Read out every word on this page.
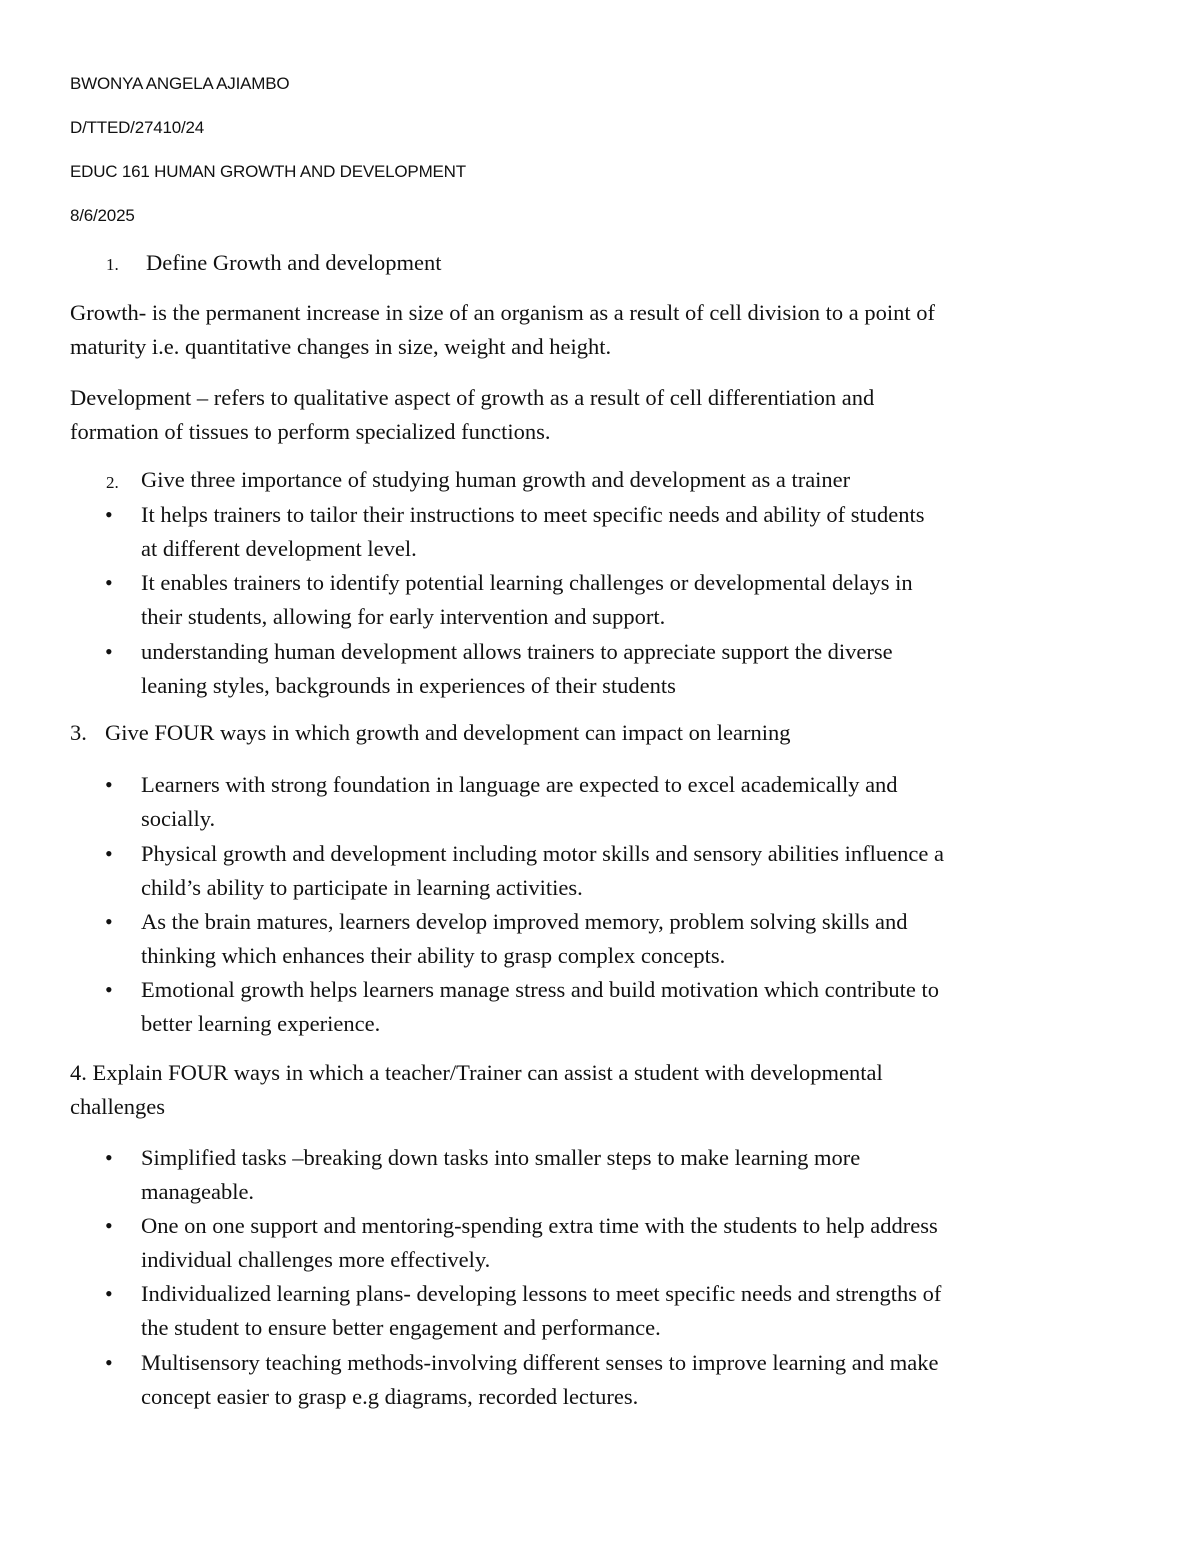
BWONYA ANGELA AJIAMBO
D/TTED/27410/24
EDUC 161 HUMAN GROWTH AND DEVELOPMENT
8/6/2025
1. Define Growth and development

Growth- is the permanent increase in size of an organism as a result of cell division to a point of
maturity i.e. quantitative changes in size, weight and height.

Development – refers to qualitative aspect of growth as a result of cell differentiation and
formation of tissues to perform specialized functions.

2. Give three importance of studying human growth and development as a trainer
• It helps trainers to tailor their instructions to meet specific needs and ability of students
at different development level.

• It enables trainers to identify potential learning challenges or developmental delays in
their students, allowing for early intervention and support.

• understanding human development allows trainers to appreciate support the diverse
leaning styles, backgrounds in experiences of their students

3. Give FOUR ways in which growth and development can impact on learning
• Learners with strong foundation in language are expected to excel academically and
socially.

• Physical growth and development including motor skills and sensory abilities influence a
child’s ability to participate in learning activities.

• As the brain matures, learners develop improved memory, problem solving skills and
thinking which enhances their ability to grasp complex concepts.

• Emotional growth helps learners manage stress and build motivation which contribute to
better learning experience.

4. Explain FOUR ways in which a teacher/Trainer can assist a student with developmental
challenges

• Simplified tasks –breaking down tasks into smaller steps to make learning more
manageable.

• One on one support and mentoring-spending extra time with the students to help address
individual challenges more effectively.

• Individualized learning plans- developing lessons to meet specific needs and strengths of
the student to ensure better engagement and performance.

• Multisensory teaching methods-involving different senses to improve learning and make
concept easier to grasp e.g diagrams, recorded lectures.
